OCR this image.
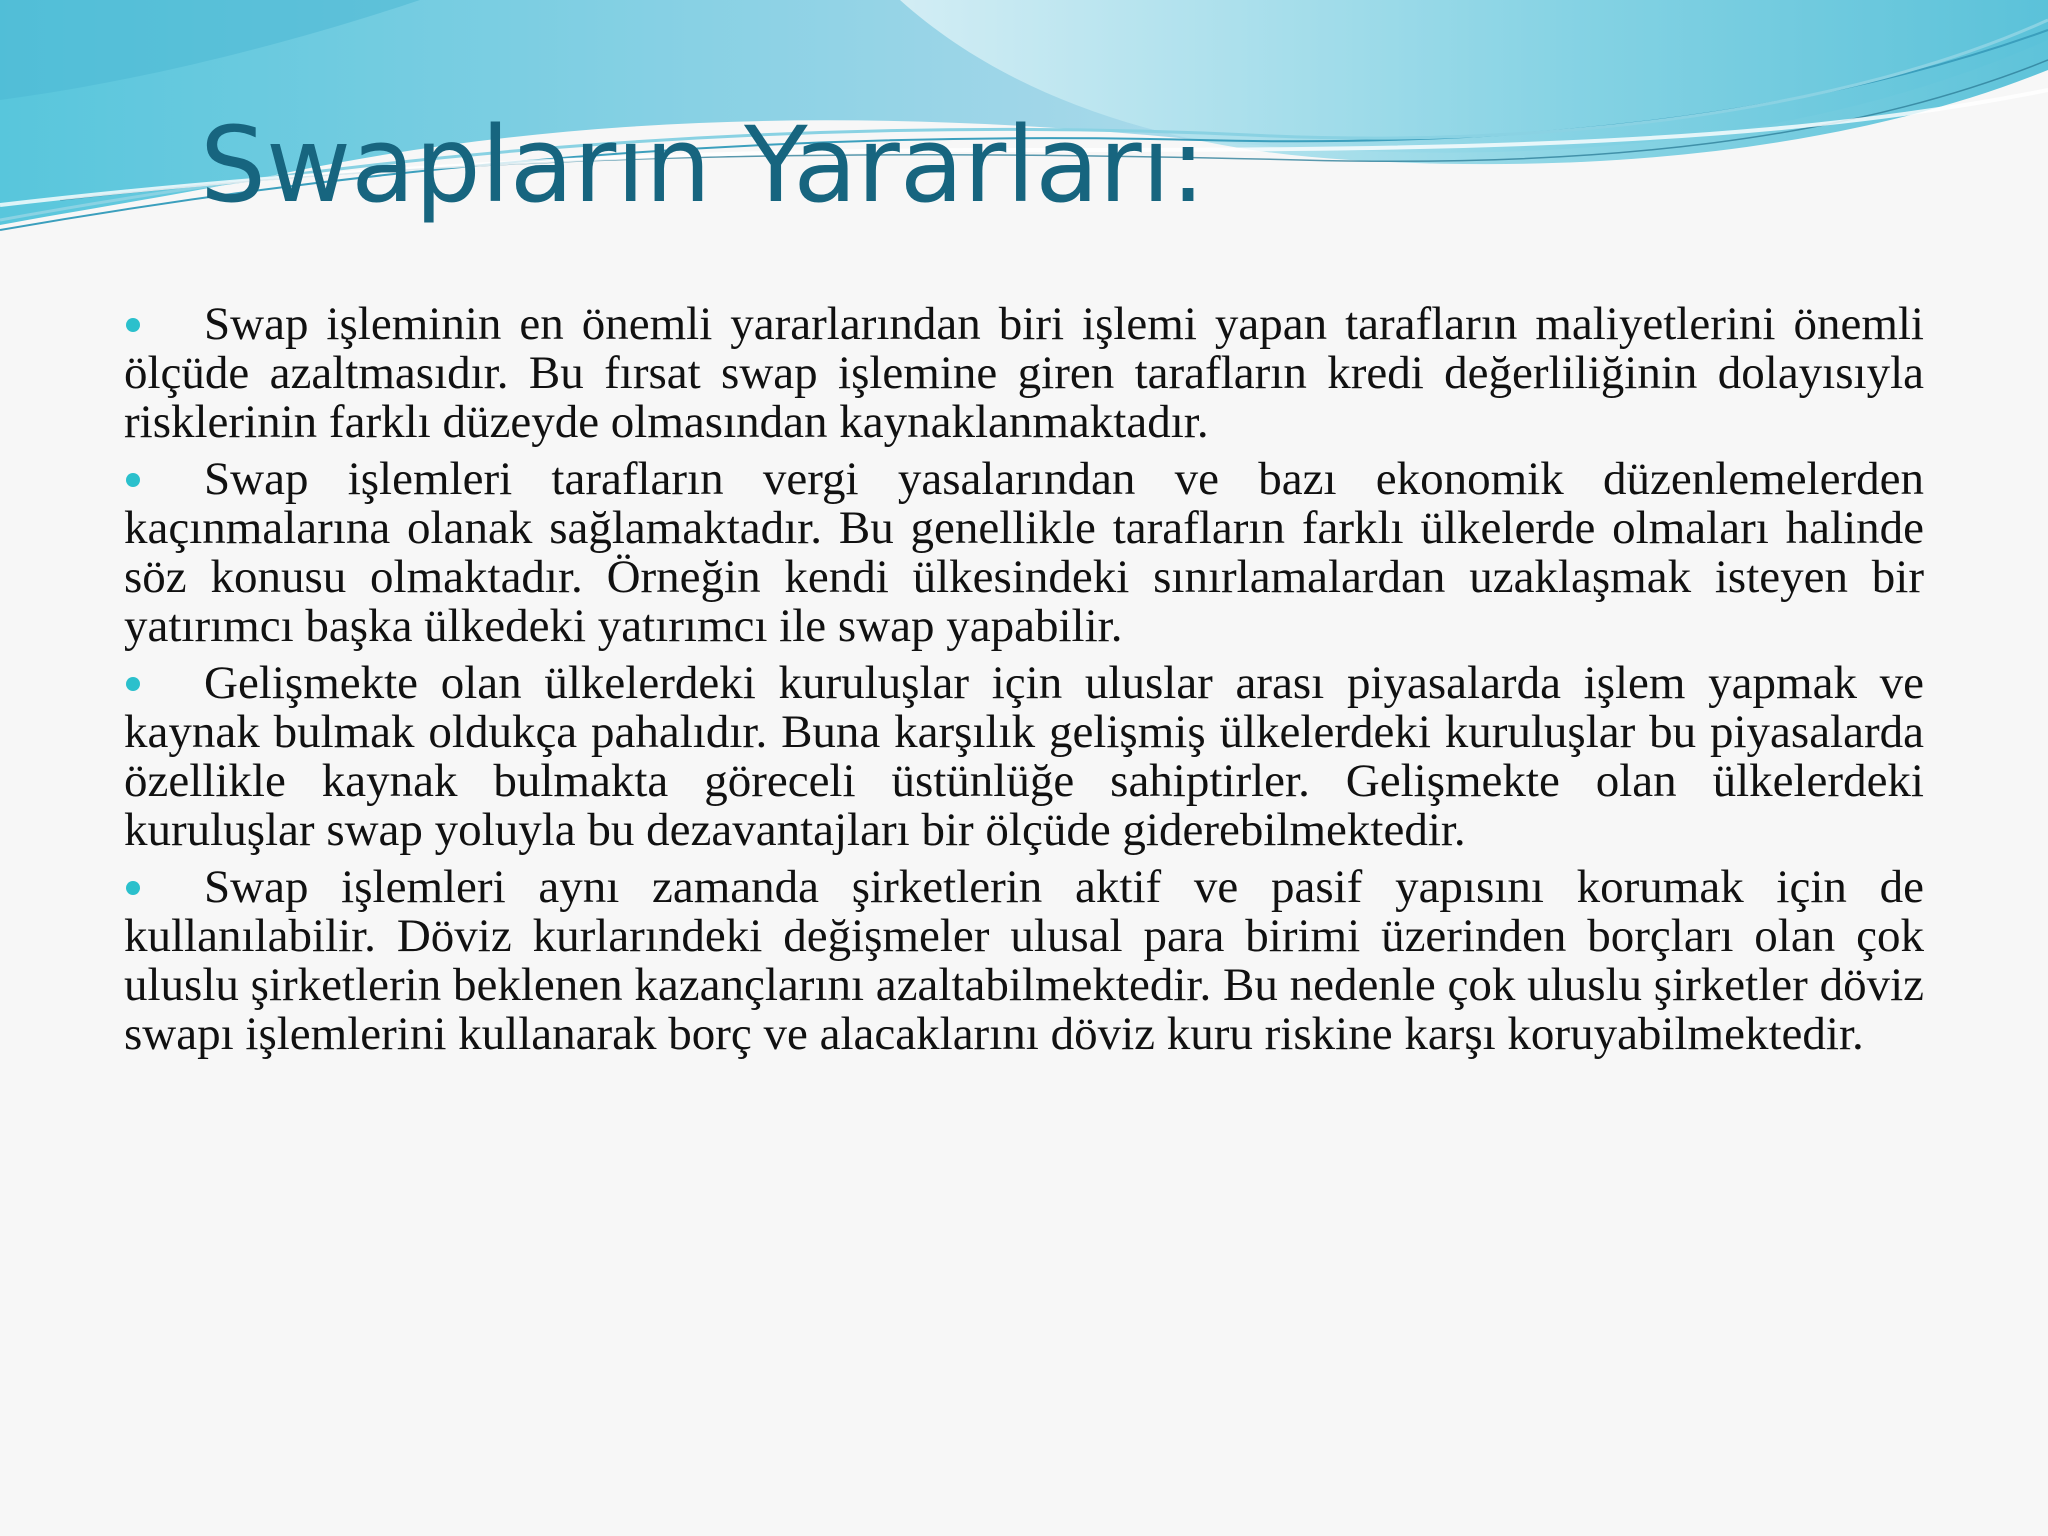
Swapların Yararları:
Swap işleminin en önemli yararlarından biri işlemi yapan tarafların maliyetlerini önemli ölçüde azaltmasıdır. Bu fırsat swap işlemine giren tarafların kredi değerliliğinin dolayısıyla risklerinin farklı düzeyde olmasından kaynaklanmaktadır.
Swap işlemleri tarafların vergi yasalarından ve bazı ekonomik düzenlemelerden kaçınmalarına olanak sağlamaktadır. Bu genellikle tarafların farklı ülkelerde olmaları halinde söz konusu olmaktadır. Örneğin kendi ülkesindeki sınırlamalardan uzaklaşmak isteyen bir yatırımcı başka ülkedeki yatırımcı ile swap yapabilir.
Gelişmekte olan ülkelerdeki kuruluşlar için uluslar arası piyasalarda işlem yapmak ve kaynak bulmak oldukça pahalıdır. Buna karşılık gelişmiş ülkelerdeki kuruluşlar bu piyasalarda özellikle kaynak bulmakta göreceli üstünlüğe sahiptirler. Gelişmekte olan ülkelerdeki kuruluşlar swap yoluyla bu dezavantajları bir ölçüde giderebilmektedir.
Swap işlemleri aynı zamanda şirketlerin aktif ve pasif yapısını korumak için de kullanılabilir. Döviz kurlarındeki değişmeler ulusal para birimi üzerinden borçları olan çok uluslu şirketlerin beklenen kazançlarını azaltabilmektedir. Bu nedenle çok uluslu şirketler döviz swapı işlemlerini kullanarak borç ve alacaklarını döviz kuru riskine karşı koruyabilmektedir.
